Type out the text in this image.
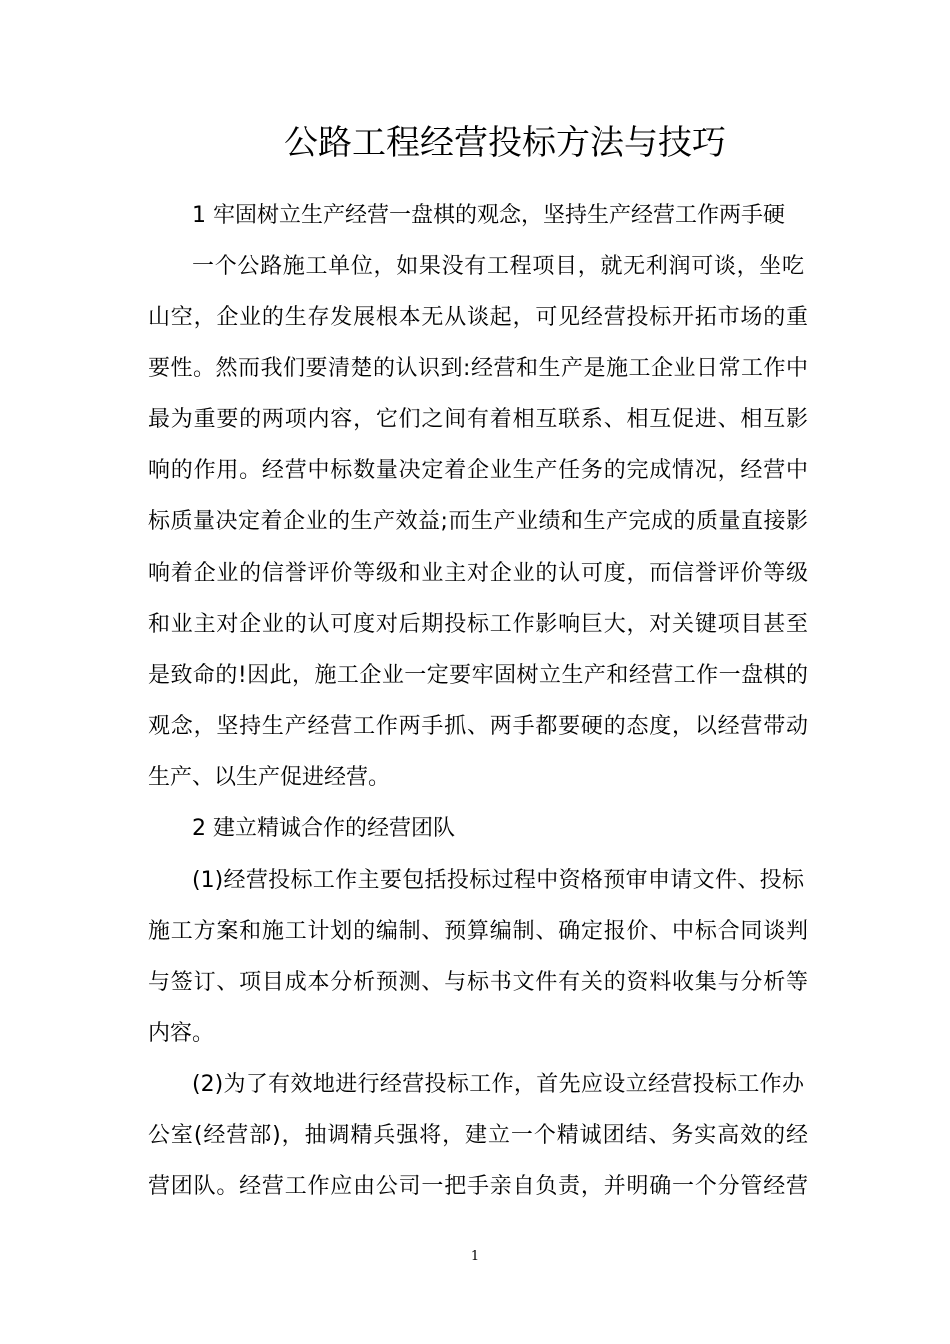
公路工程经营投标方法与技巧

1 牢固树立生产经营一盘棋的观念，坚持生产经营工作两手硬

一个公路施工单位，如果没有工程项目，就无利润可谈，坐吃

山空，企业的生存发展根本无从谈起，可见经营投标开拓市场的重

要性。然而我们要清楚的认识到:经营和生产是施工企业日常工作中

最为重要的两项内容，它们之间有着相互联系、相互促进、相互影

响的作用。经营中标数量决定着企业生产任务的完成情况，经营中

标质量决定着企业的生产效益;而生产业绩和生产完成的质量直接影

响着企业的信誉评价等级和业主对企业的认可度，而信誉评价等级

和业主对企业的认可度对后期投标工作影响巨大，对关键项目甚至

是致命的!因此，施工企业一定要牢固树立生产和经营工作一盘棋的

观念，坚持生产经营工作两手抓、两手都要硬的态度，以经营带动

生产、以生产促进经营。

2 建立精诚合作的经营团队

(1)经营投标工作主要包括投标过程中资格预审申请文件、投标

施工方案和施工计划的编制、预算编制、确定报价、中标合同谈判

与签订、项目成本分析预测、与标书文件有关的资料收集与分析等

内容。

(2)为了有效地进行经营投标工作，首先应设立经营投标工作办

公室(经营部)，抽调精兵强将，建立一个精诚团结、务实高效的经

营团队。经营工作应由公司一把手亲自负责，并明确一个分管经营

1
